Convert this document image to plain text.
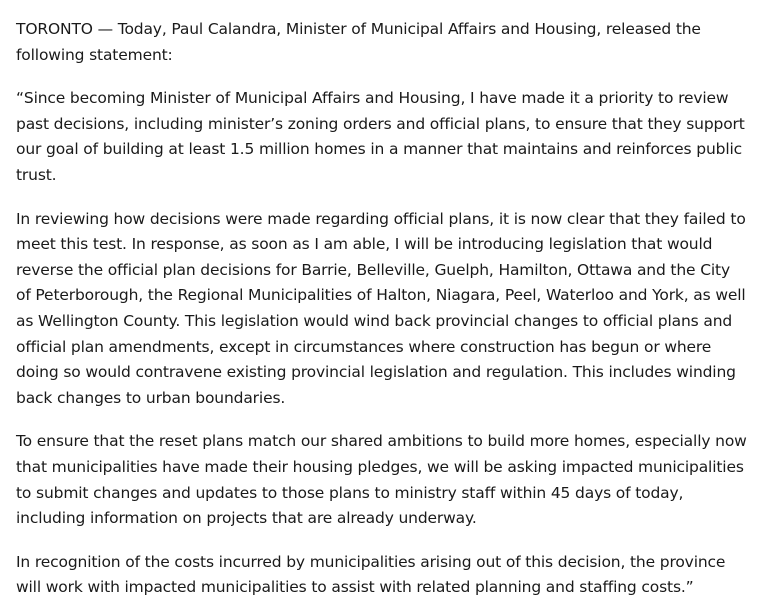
TORONTO — Today, Paul Calandra, Minister of Municipal Affairs and Housing, released the following statement:

“Since becoming Minister of Municipal Affairs and Housing, I have made it a priority to review past decisions, including minister’s zoning orders and official plans, to ensure that they support our goal of building at least 1.5 million homes in a manner that maintains and reinforces public trust.

In reviewing how decisions were made regarding official plans, it is now clear that they failed to meet this test. In response, as soon as I am able, I will be introducing legislation that would reverse the official plan decisions for Barrie, Belleville, Guelph, Hamilton, Ottawa and the City of Peterborough, the Regional Municipalities of Halton, Niagara, Peel, Waterloo and York, as well as Wellington County. This legislation would wind back provincial changes to official plans and official plan amendments, except in circumstances where construction has begun or where doing so would contravene existing provincial legislation and regulation. This includes winding back changes to urban boundaries.

To ensure that the reset plans match our shared ambitions to build more homes, especially now that municipalities have made their housing pledges, we will be asking impacted municipalities to submit changes and updates to those plans to ministry staff within 45 days of today, including information on projects that are already underway.

In recognition of the costs incurred by municipalities arising out of this decision, the province will work with impacted municipalities to assist with related planning and staffing costs.”
